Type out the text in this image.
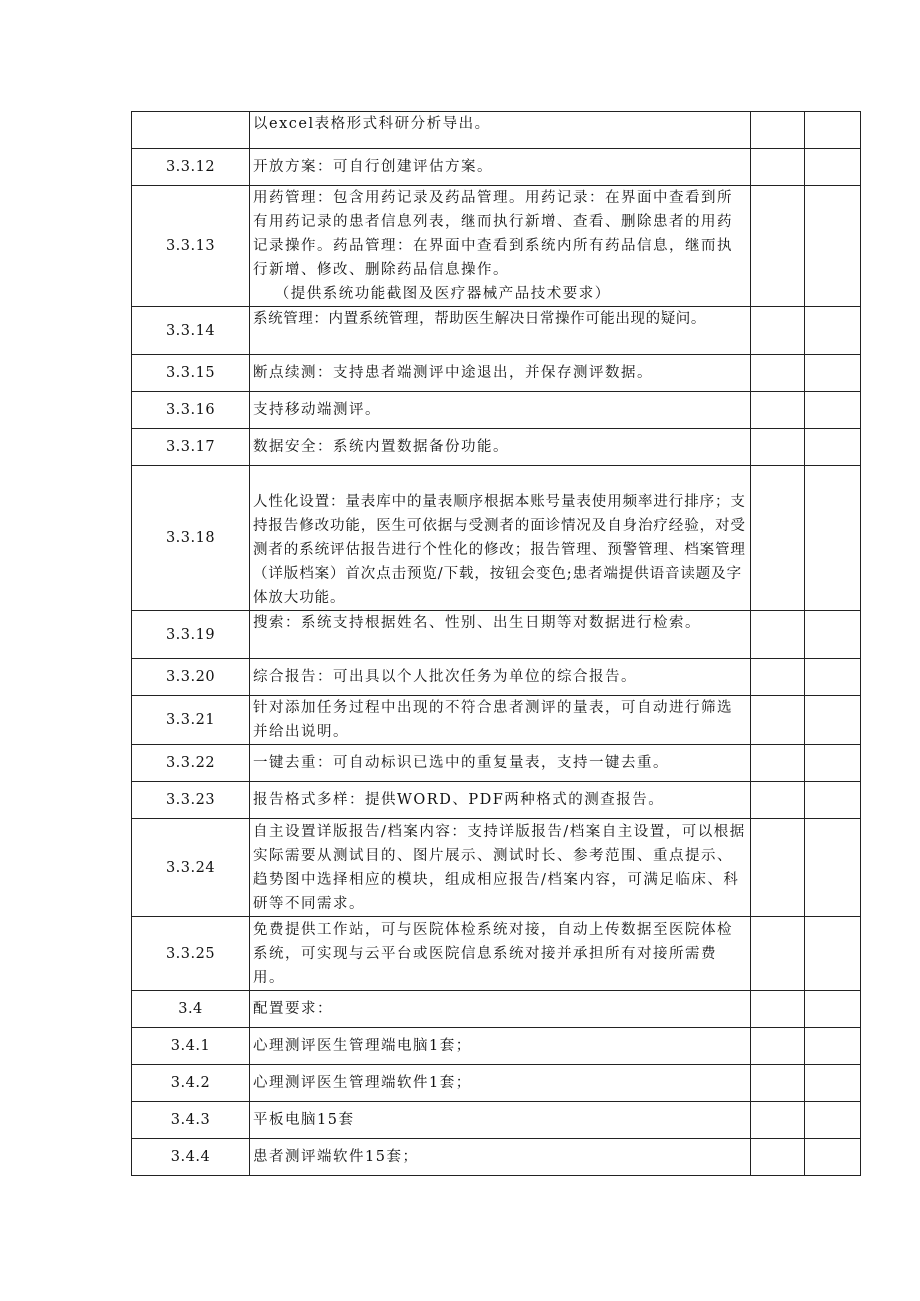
	以excel表格形式科研分析导出。		
3.3.12	开放方案：可自行创建评估方案。		
3.3.13	用药管理：包含用药记录及药品管理。用药记录：在界面中查看到所有用药记录的患者信息列表，继而执行新增、查看、删除患者的用药记录操作。药品管理：在界面中查看到系统内所有药品信息，继而执行新增、修改、删除药品信息操作。
（提供系统功能截图及医疗器械产品技术要求）		

3.3.14	系统管理：内置系统管理，帮助医生解决日常操作可能出现的疑问。		
3.3.15	断点续测：支持患者端测评中途退出，并保存测评数据。		
3.3.16	支持移动端测评。		
3.3.17	数据安全：系统内置数据备份功能。		
3.3.18	人性化设置：量表库中的量表顺序根据本账号量表使用频率进行排序；支持报告修改功能，医生可依据与受测者的面诊情况及自身治疗经验，对受测者的系统评估报告进行个性化的修改；报告管理、预警管理、档案管理（详版档案）首次点击预览/下载，按钮会变色;患者端提供语音读题及字体放大功能。		
3.3.19	搜索：系统支持根据姓名、性别、出生日期等对数据进行检索。		
3.3.20	综合报告：可出具以个人批次任务为单位的综合报告。		
3.3.21	针对添加任务过程中出现的不符合患者测评的量表，可自动进行筛选并给出说明。		
3.3.22	一键去重：可自动标识已选中的重复量表，支持一键去重。		
3.3.23	报告格式多样：提供WORD、PDF两种格式的测查报告。		
3.3.24	自主设置详版报告/档案内容：支持详版报告/档案自主设置，可以根据实际需要从测试目的、图片展示、测试时长、参考范围、重点提示、趋势图中选择相应的模块，组成相应报告/档案内容，可满足临床、科研等不同需求。		
3.3.25	免费提供工作站，可与医院体检系统对接，自动上传数据至医院体检系统，可实现与云平台或医院信息系统对接并承担所有对接所需费用。		
3.4	配置要求：		
3.4.1	心理测评医生管理端电脑1套；		
3.4.2	心理测评医生管理端软件1套；		
3.4.3	平板电脑15套		
3.4.4	患者测评端软件15套；		
